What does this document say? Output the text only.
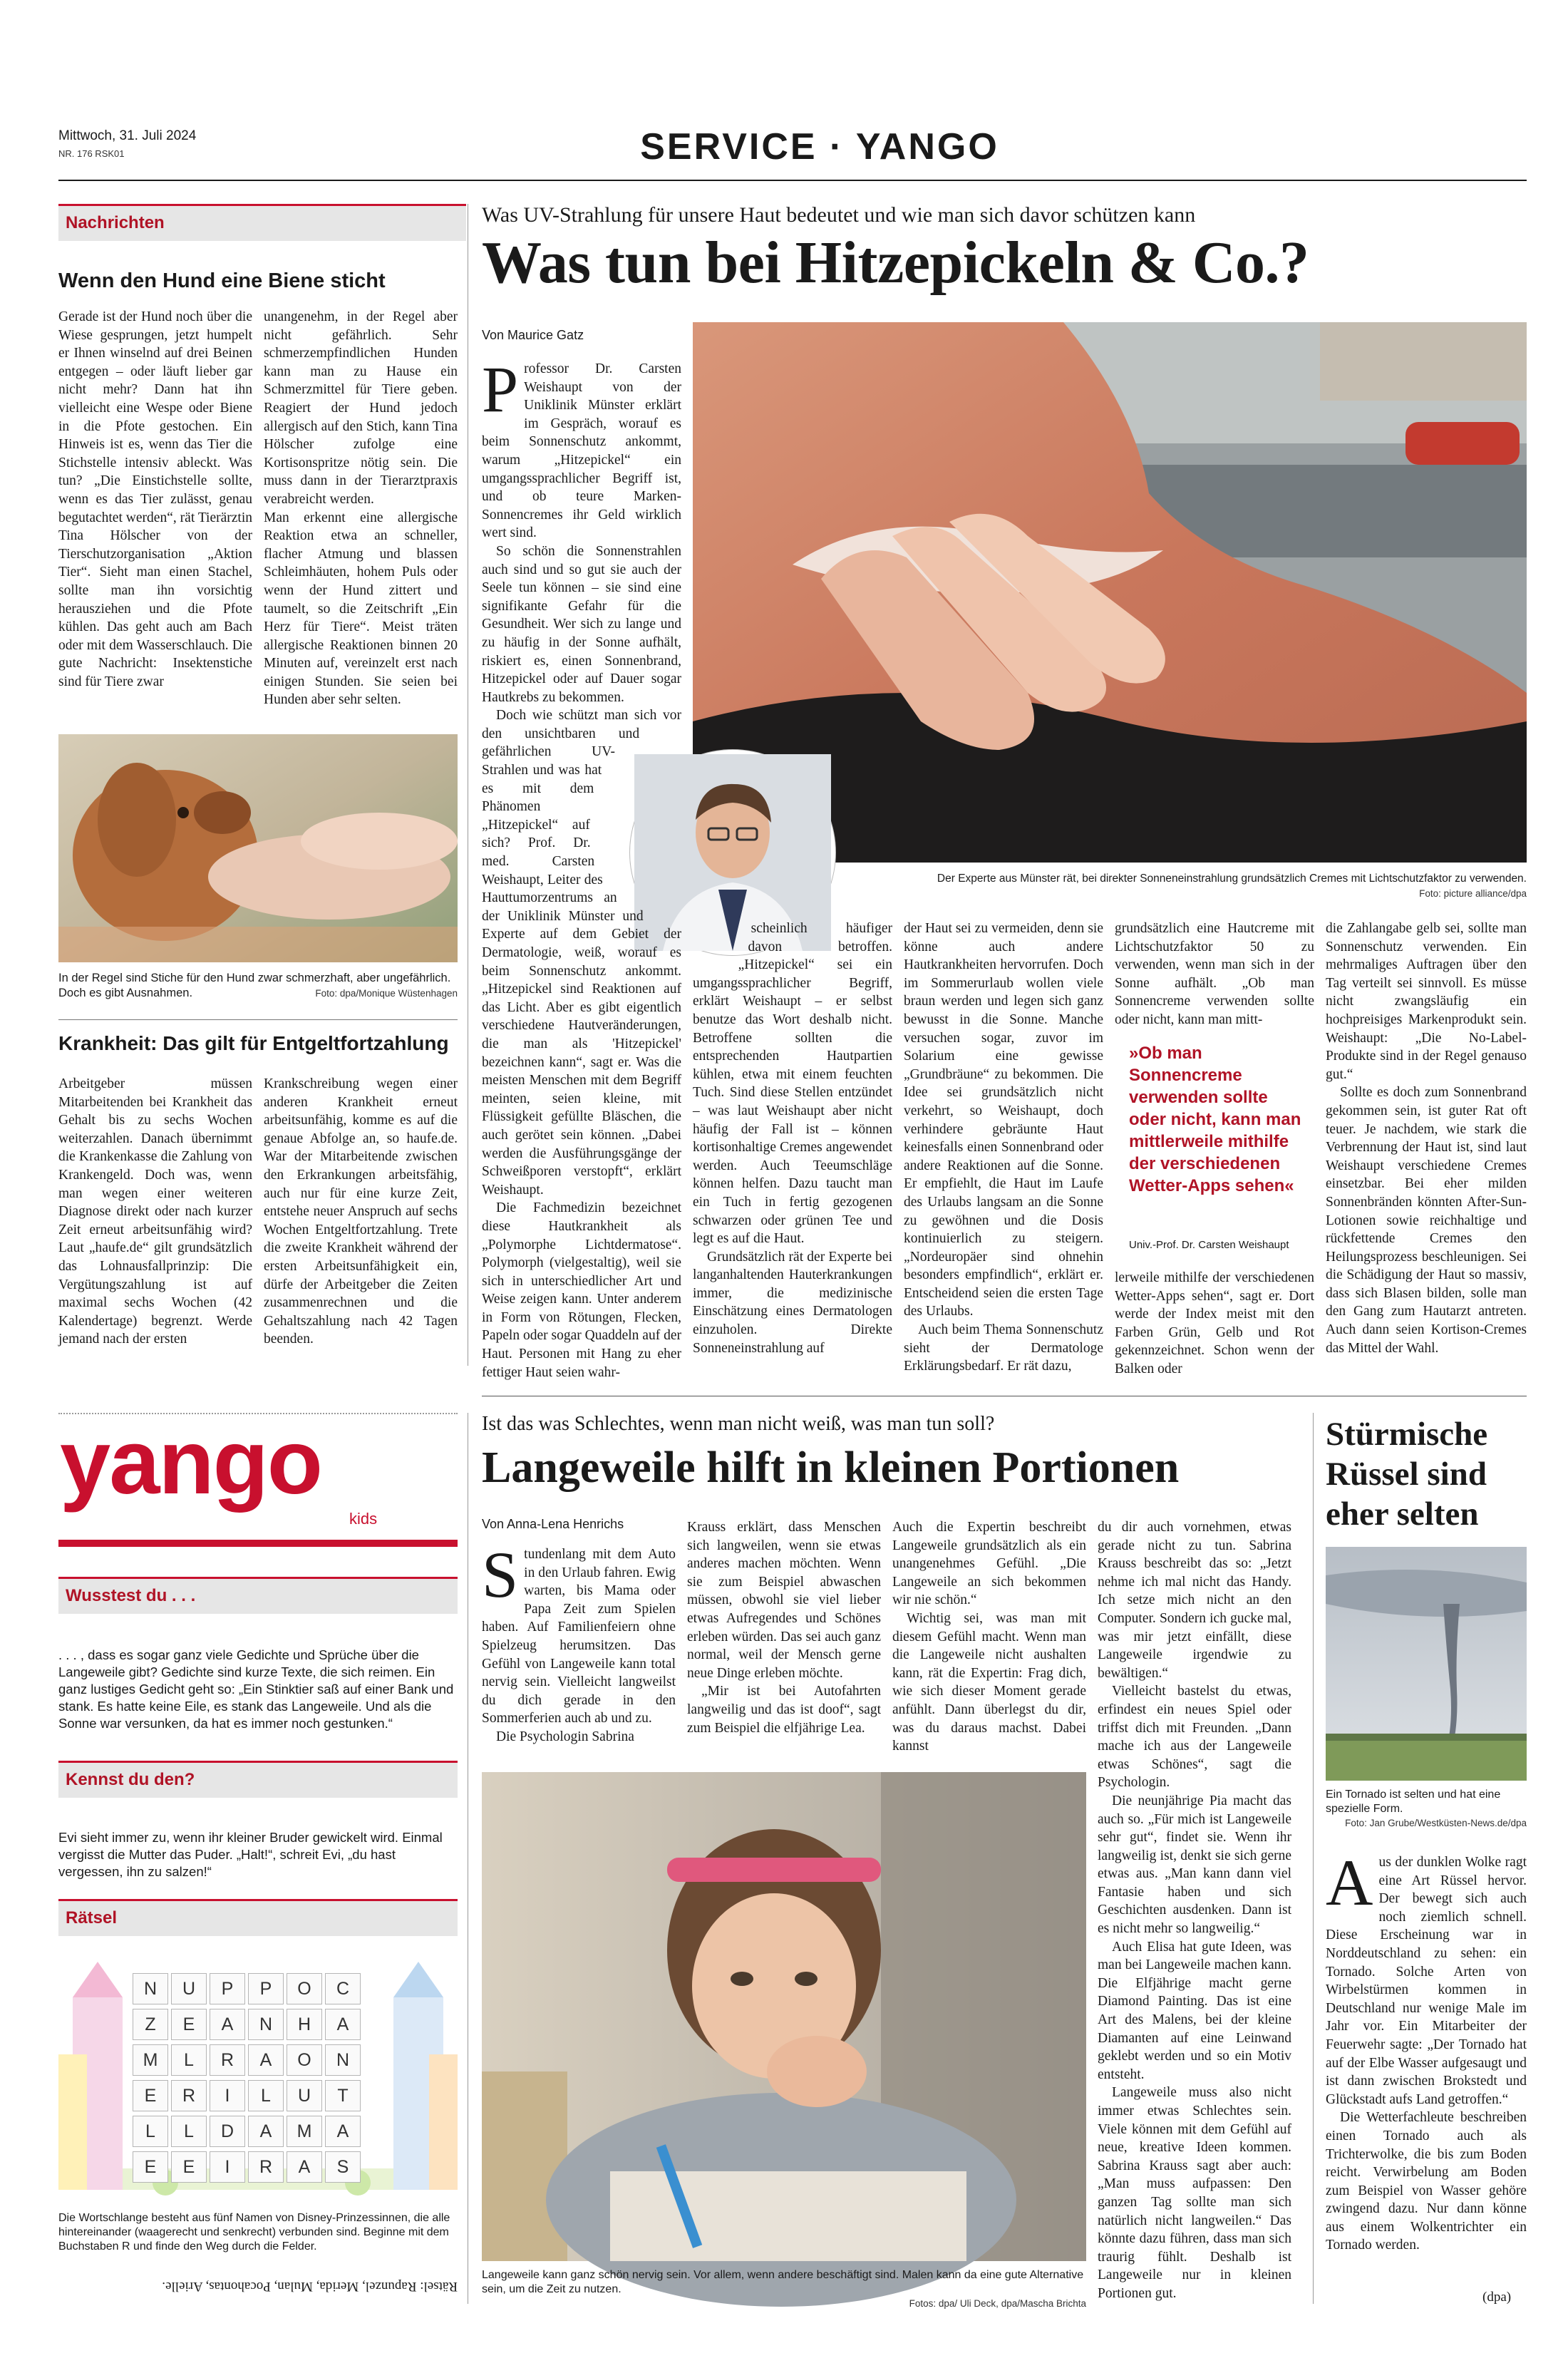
Mittwoch, 31. Juli 2024
NR. 176 RSK01	SERVICE · YANGO
Nachrichten
Wenn den Hund eine Biene sticht

Gerade ist der Hund noch über die Wiese gesprungen, jetzt humpelt er Ihnen winselnd auf drei Beinen entgegen – oder läuft lieber gar nicht mehr? Dann hat ihn vielleicht eine Wespe oder Biene in die Pfote gestochen. Ein Hinweis ist es, wenn das Tier die Stichstelle intensiv ableckt. Was tun? „Die Einstichstelle sollte, wenn es das Tier zulässt, genau begutachtet werden“, rät Tierärztin Tina Hölscher von der Tierschutzorganisation „Aktion Tier“. Sieht man einen Stachel, sollte man ihn vorsichtig herausziehen und die Pfote kühlen. Das geht auch am Bach oder mit dem Wasserschlauch. Die gute Nachricht: Insektenstiche sind für Tiere zwar

unangenehm, in der Regel aber nicht gefährlich. Sehr schmerzempfindlichen Hunden kann man zu Hause ein Schmerzmittel für Tiere geben. Reagiert der Hund jedoch allergisch auf den Stich, kann Tina Hölscher zufolge eine Kortisonspritze nötig sein. Die muss dann in der Tierarztpraxis verabreicht werden.

Man erkennt eine allergische Reaktion etwa an schneller, flacher Atmung und blassen Schleimhäuten, hohem Puls oder wenn der Hund zittert und taumelt, so die Zeitschrift „Ein Herz für Tiere“. Meist träten allergische Reaktionen binnen 20 Minuten auf, vereinzelt erst nach einigen Stunden. Sie seien bei Hunden aber sehr selten.

In der Regel sind Stiche für den Hund zwar schmerzhaft, aber ungefährlich. Doch es gibt Ausnahmen.	Foto: dpa/Monique Wüstenhagen
Krankheit: Das gilt für Entgeltfortzahlung

Arbeitgeber müssen Mitarbeitenden bei Krankheit das Gehalt bis zu sechs Wochen weiterzahlen. Danach übernimmt die Krankenkasse die Zahlung von Krankengeld. Doch was, wenn man wegen einer weiteren Diagnose direkt oder nach kurzer Zeit erneut arbeitsunfähig wird? Laut „haufe.de“ gilt grundsätzlich das Lohnausfallprinzip: Die Vergütungszahlung ist auf maximal sechs Wochen (42 Kalendertage) begrenzt. Werde jemand nach der ersten

Krankschreibung wegen einer anderen Krankheit erneut arbeitsunfähig, komme es auf die genaue Abfolge an, so haufe.de. War der Mitarbeitende zwischen den Erkrankungen arbeitsfähig, auch nur für eine kurze Zeit, entstehe neuer Anspruch auf sechs Wochen Entgeltfortzahlung. Trete die zweite Krankheit während der ersten Arbeitsunfähigkeit ein, dürfe der Arbeitgeber die Zeiten zusammenrechnen und die Gehaltszahlung nach 42 Tagen beenden.

Was UV-Strahlung für unsere Haut bedeutet und wie man sich davor schützen kann
Was tun bei Hitzepickeln & Co.?
Von Maurice Gatz
Der Experte aus Münster rät, bei direkter Sonneneinstrahlung grundsätzlich Cremes mit Lichtschutzfaktor zu verwenden.
Foto: picture alliance/dpa

Professor Dr. Carsten Weishaupt von der Uniklinik Münster erklärt im Gespräch, worauf es beim Sonnenschutz ankommt, warum „Hitzepickel“ ein umgangssprachlicher Begriff ist, und ob teure Marken-Sonnencremes ihr Geld wirklich wert sind.

So schön die Sonnenstrahlen auch sind und so gut sie auch der Seele tun können – sie sind eine signifikante Gefahr für die Gesundheit. Wer sich zu lange und zu häufig in der Sonne aufhält, riskiert es, einen Sonnenbrand, Hitzepickel oder auf Dauer sogar Hautkrebs zu bekommen.

Doch wie schützt man sich vor den unsichtbaren und gefährlichen UV-Strahlen und was hat es mit dem Phänomen „Hitzepickel“ auf sich? Prof. Dr. med. Carsten Weishaupt, Leiter des Hauttumorzentrums an der Uniklinik Münster und Experte auf dem Gebiet der Dermatologie, weiß, worauf es beim Sonnenschutz ankommt. „Hitzepickel sind Reaktionen auf das Licht. Aber es gibt eigentlich verschiedene Hautveränderungen, die man als 'Hitzepickel' bezeichnen kann“, sagt er. Was die meisten Menschen mit dem Begriff meinten, seien kleine, mit Flüssigkeit gefüllte Bläschen, die auch gerötet sein können. „Dabei werden die Ausführungsgänge der Schweißporen verstopft“, erklärt Weishaupt.

Die Fachmedizin bezeichnet diese Hautkrankheit als „Polymorphe Lichtdermatose“. Polymorph (vielgestaltig), weil sie sich in unterschiedlicher Art und Weise zeigen kann. Unter anderem in Form von Rötungen, Flecken, Papeln oder sogar Quaddeln auf der Haut. Personen mit Hang zu eher fettiger Haut seien wahr-

scheinlich häufiger davon betroffen. „Hitzepickel“ sei ein umgangssprachlicher Begriff, erklärt Weishaupt – er selbst benutze das Wort deshalb nicht. Betroffene sollten die entsprechenden Hautpartien kühlen, etwa mit einem feuchten Tuch. Sind diese Stellen entzündet – was laut Weishaupt aber nicht häufig der Fall ist – können kortisonhaltige Cremes angewendet werden. Auch Teeumschläge können helfen. Dazu taucht man ein Tuch in fertig gezogenen schwarzen oder grünen Tee und legt es auf die Haut.

Grundsätzlich rät der Experte bei langanhaltenden Hauterkrankungen immer, die medizinische Einschätzung eines Dermatologen einzuholen. Direkte Sonneneinstrahlung auf

der Haut sei zu vermeiden, denn sie könne auch andere Hautkrankheiten hervorrufen. Doch im Sommerurlaub wollen viele braun werden und legen sich ganz bewusst in die Sonne. Manche versuchen sogar, zuvor im Solarium eine gewisse „Grundbräune“ zu bekommen. Die Idee sei grundsätzlich nicht verkehrt, so Weishaupt, doch verhindere gebräunte Haut keinesfalls einen Sonnenbrand oder andere Reaktionen auf die Sonne. Er empfiehlt, die Haut im Laufe des Urlaubs langsam an die Sonne zu gewöhnen und die Dosis kontinuierlich zu steigern. „Nordeuropäer sind ohnehin besonders empfindlich“, erklärt er. Entscheidend seien die ersten Tage des Urlaubs.

Auch beim Thema Sonnenschutz sieht der Dermatologe Erklärungsbedarf. Er rät dazu,

grundsätzlich eine Hautcreme mit Lichtschutzfaktor 50 zu verwenden, wenn man sich in der Sonne aufhält. „Ob man Sonnencreme verwenden sollte oder nicht, kann man mitt-

»Ob man Sonnencreme verwenden sollte oder nicht, kann man mittlerweile mithilfe der verschiedenen Wetter-Apps sehen«
Univ.-Prof. Dr. Carsten Weishaupt

lerweile mithilfe der verschiedenen Wetter-Apps sehen“, sagt er. Dort werde der Index meist mit den Farben Grün, Gelb und Rot gekennzeichnet. Schon wenn der Balken oder

die Zahlangabe gelb sei, sollte man Sonnenschutz verwenden. Ein mehrmaliges Auftragen über den Tag verteilt sei sinnvoll. Es müsse nicht zwangsläufig ein hochpreisiges Markenprodukt sein. Weishaupt: „Die No-Label-Produkte sind in der Regel genauso gut.“

Sollte es doch zum Sonnenbrand gekommen sein, ist guter Rat oft teuer. Je nachdem, wie stark die Verbrennung der Haut ist, sind laut Weishaupt verschiedene Cremes einsetzbar. Bei eher milden Sonnenbränden könnten After-Sun-Lotionen sowie reichhaltige und rückfettende Cremes den Heilungsprozess beschleunigen. Sei die Schädigung der Haut so massiv, dass sich Blasen bilden, solle man den Gang zum Hautarzt antreten. Auch dann seien Kortison-Cremes das Mittel der Wahl.

yango
kids
Wusstest du . . .

. . . , dass es sogar ganz viele Gedichte und Sprüche über die Langeweile gibt? Gedichte sind kurze Texte, die sich reimen. Ein ganz lustiges Gedicht geht so: „Ein Stinktier saß auf einer Bank und stank. Es hatte keine Eile, es stank das Langeweile. Und als die Sonne war versunken, da hat es immer noch gestunken.“

Kennst du den?

Evi sieht immer zu, wenn ihr kleiner Bruder gewickelt wird. Einmal vergisst die Mutter das Puder. „Halt!“, schreit Evi, „du hast vergessen, ihn zu salzen!“

Rätsel
N	U	P	P	O	C
Z	E	A	N	H	A
M	L	R	A	O	N
E	R	I	L	U	T
L	L	D	A	M	A
E	E	I	R	A	S
Die Wortschlange besteht aus fünf Namen von Disney-Prinzessinnen, die alle hintereinander (waagerecht und senkrecht) verbunden sind. Beginne mit dem Buchstaben R und finde den Weg durch die Felder.
Rätsel: Rapunzel, Merida, Mulan, Pocahontas, Arielle.
Ist das was Schlechtes, wenn man nicht weiß, was man tun soll?
Langeweile hilft in kleinen Portionen
Von Anna-Lena Henrichs

Stundenlang mit dem Auto in den Urlaub fahren. Ewig warten, bis Mama oder Papa Zeit zum Spielen haben. Auf Familienfeiern ohne Spielzeug herumsitzen. Das Gefühl von Langeweile kann total nervig sein. Vielleicht langweilst du dich gerade in den Sommerferien auch ab und zu.

Die Psychologin Sabrina

Krauss erklärt, dass Menschen sich langweilen, wenn sie etwas anderes machen möchten. Wenn sie zum Beispiel abwaschen müssen, obwohl sie viel lieber etwas Aufregendes und Schönes erleben würden. Das sei auch ganz normal, weil der Mensch gerne neue Dinge erleben möchte.

„Mir ist bei Autofahrten langweilig und das ist doof“, sagt zum Beispiel die elfjährige Lea.

Auch die Expertin beschreibt Langeweile grundsätzlich als ein unangenehmes Gefühl. „Die Langeweile an sich bekommen wir nie schön.“

Wichtig sei, was man mit diesem Gefühl macht. Wenn man die Langeweile nicht aushalten kann, rät die Expertin: Frag dich, wie sich dieser Moment gerade anfühlt. Dann überlegst du dir, was du daraus machst. Dabei kannst

du dir auch vornehmen, etwas gerade nicht zu tun. Sabrina Krauss beschreibt das so: „Jetzt nehme ich mal nicht das Handy. Ich setze mich nicht an den Computer. Sondern ich gucke mal, was mir jetzt einfällt, diese Langeweile irgendwie zu bewältigen.“

Vielleicht bastelst du etwas, erfindest ein neues Spiel oder triffst dich mit Freunden. „Dann mache ich aus der Langeweile etwas Schönes“, sagt die Psychologin.

Die neunjährige Pia macht das auch so. „Für mich ist Langeweile sehr gut“, findet sie. Wenn ihr langweilig ist, denkt sie sich gerne etwas aus. „Man kann dann viel Fantasie haben und sich Geschichten ausdenken. Dann ist es nicht mehr so langweilig.“

Auch Elisa hat gute Ideen, was man bei Langeweile machen kann. Die Elfjährige macht gerne Diamond Painting. Das ist eine Art des Malens, bei der kleine Diamanten auf eine Leinwand geklebt werden und so ein Motiv entsteht.

Langeweile muss also nicht immer etwas Schlechtes sein. Viele können mit dem Gefühl auf neue, kreative Ideen kommen. Sabrina Krauss sagt aber auch: „Man muss aufpassen: Den ganzen Tag sollte man sich natürlich nicht langweilen.“ Das könnte dazu führen, dass man sich traurig fühlt. Deshalb ist Langeweile nur in kleinen Portionen gut.

Langeweile kann ganz schön nervig sein. Vor allem, wenn andere beschäftigt sind. Malen kann da eine gute Alternative sein, um die Zeit zu nutzen.

Fotos: dpa/ Uli Deck, dpa/Mascha Brichta
Stürmische Rüssel sind eher selten
Ein Tornado ist selten und hat eine spezielle Form.

Foto: Jan Grube/Westküsten-News.de/dpa

Aus der dunklen Wolke ragt eine Art Rüssel hervor. Der bewegt sich auch noch ziemlich schnell. Diese Erscheinung war in Norddeutschland zu sehen: ein Tornado. Solche Arten von Wirbelstürmen kommen in Deutschland nur wenige Male im Jahr vor. Ein Mitarbeiter der Feuerwehr sagte: „Der Tornado hat auf der Elbe Wasser aufgesaugt und ist dann zwischen Brokstedt und Glückstadt aufs Land getroffen.“

Die Wetterfachleute beschreiben einen Tornado auch als Trichterwolke, die bis zum Boden reicht. Verwirbelung am Boden zum Beispiel von Wasser gehöre zwingend dazu. Nur dann könne aus einem Wolkentrichter ein Tornado werden.

(dpa)
